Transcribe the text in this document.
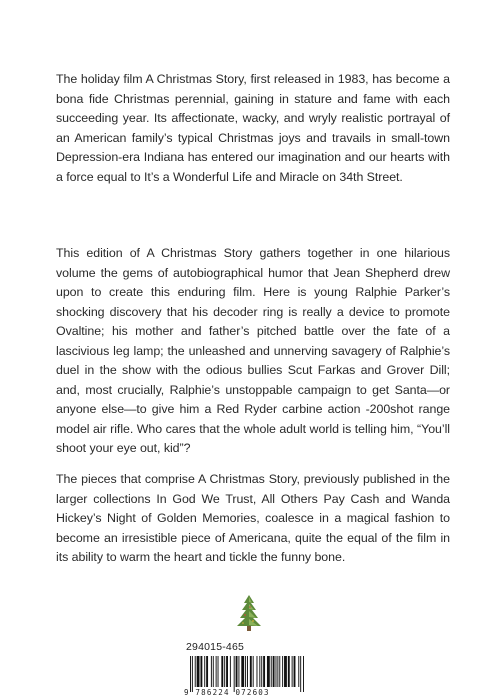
The holiday film A Christmas Story, first released in 1983, has become a bona fide Christmas perennial, gaining in stature and fame with each succeeding year. Its affectionate, wacky, and wryly realistic portrayal of an American family’s typical Christmas joys and travails in small-town Depression-era Indiana has entered our imagination and our hearts with a force equal to It’s a Wonderful Life and Miracle on 34th Street.

This edition of A Christmas Story gathers together in one hilarious volume the gems of autobiographical humor that Jean Shepherd drew upon to create this enduring film. Here is young Ralphie Parker’s shocking discovery that his decoder ring is really a device to promote Ovaltine; his mother and father’s pitched battle over the fate of a lascivious leg lamp; the unleashed and unnerving savagery of Ralphie’s duel in the show with the odious bullies Scut Farkas and Grover Dill; and, most crucially, Ralphie’s unstoppable campaign to get Santa—or anyone else—to give him a Red Ryder carbine action -200shot range model air rifle. Who cares that the whole adult world is telling him, “You’ll shoot your eye out, kid”?

The pieces that comprise A Christmas Story, previously published in the larger collections In God We Trust, All Others Pay Cash and Wanda Hickey’s Night of Golden Memories, coalesce in a magical fashion to become an irresistible piece of Americana, quite the equal of the film in its ability to warm the heart and tickle the funny bone.

294015-465
9 786224 072603
